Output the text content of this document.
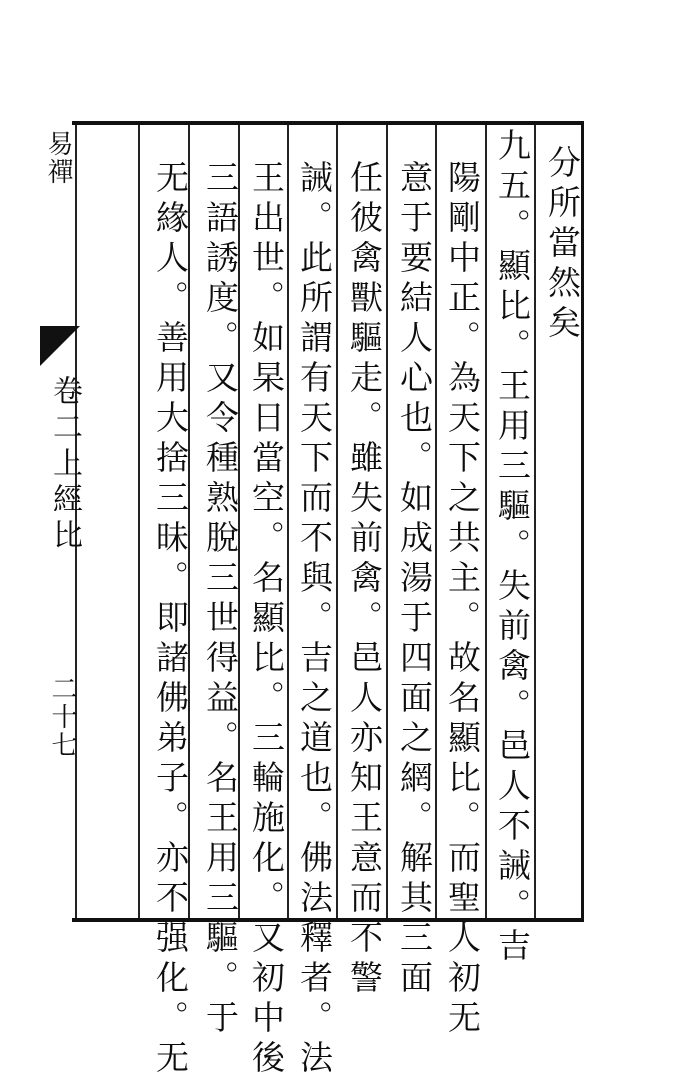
易禪
卷二上經比
二十七
分所當然矣
九五。顯比。王用三驅。失前禽。邑人不誡。吉
陽剛中正。為天下之共主。故名顯比。而聖人初无
意于要結人心也。如成湯于四面之網。解其三面
任彼禽獸驅走。雖失前禽。邑人亦知王意而不警
誡。此所謂有天下而不與。吉之道也。佛法釋者。法
王出世。如杲日當空。名顯比。三輪施化。又初中後
三語誘度。又令種熟脫三世得益。名王用三驅。于
无緣人。善用大捨三昧。即諸佛弟子。亦不强化。无
